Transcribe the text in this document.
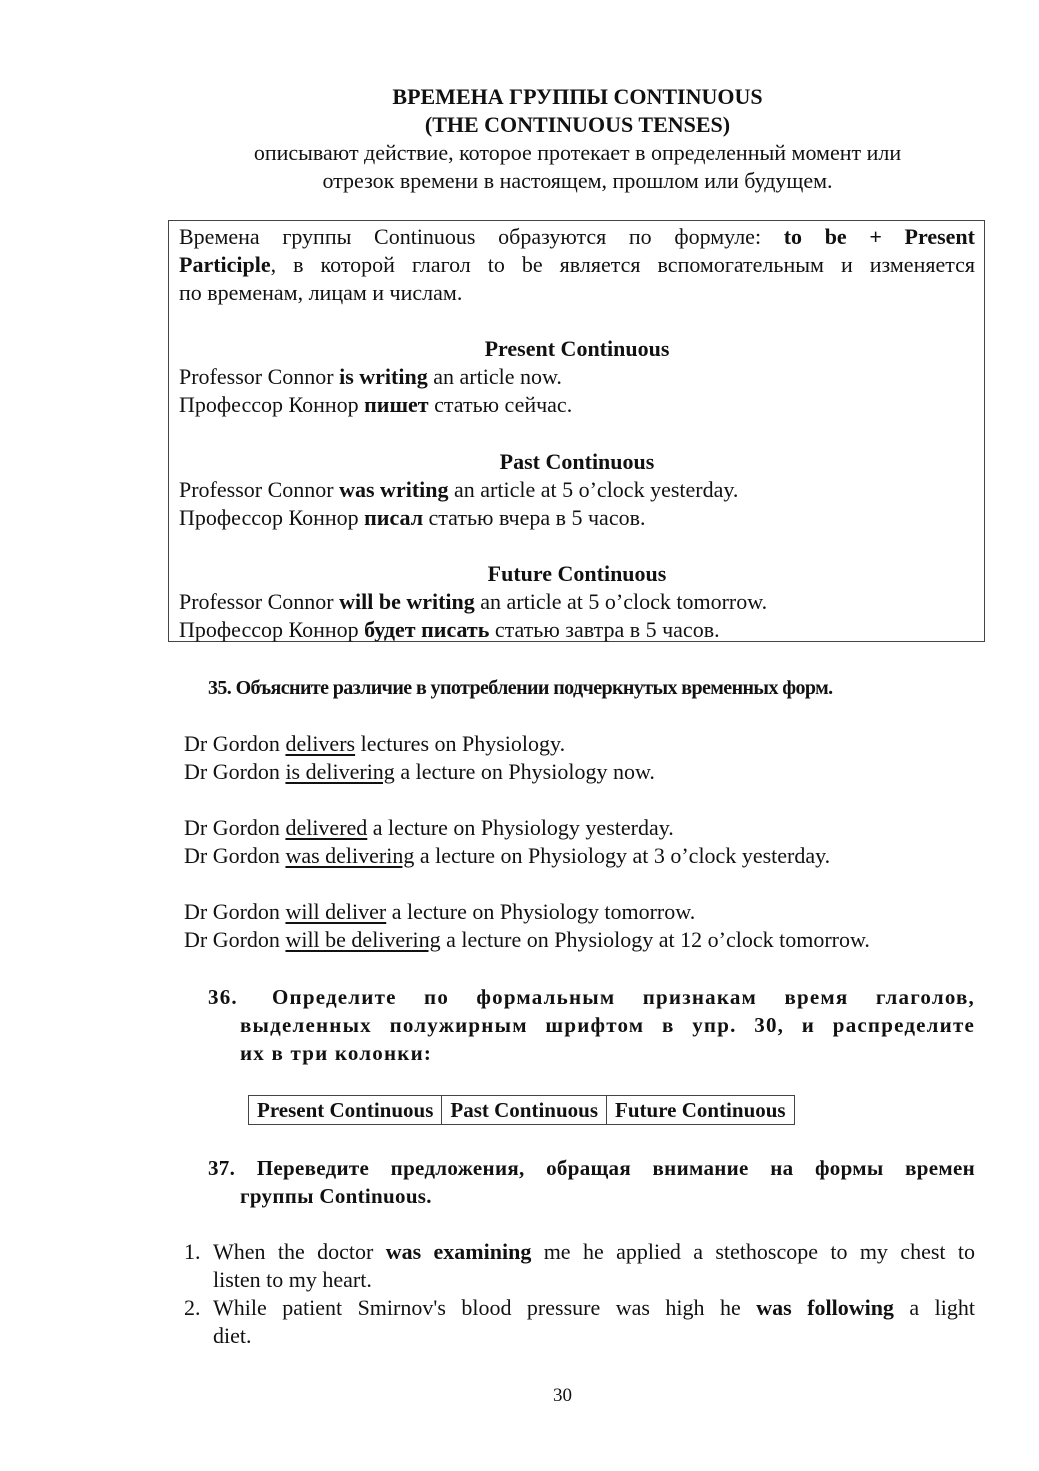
ВРЕМЕНА ГРУППЫ CONTINUOUS
(THE CONTINUOUS TENSES)
описывают действие, которое протекает в определенный момент или
отрезок времени в настоящем, прошлом или будущем.
Времена группы Continuous образуются по формуле: to be + Present
Participle, в которой глагол to be является вспомогательным и изменяется
по временам, лицам и числам.
Present Continuous
Professor Connor is writing an article now.
Профессор Коннор пишет статью сейчас.
Past Continuous
Professor Connor was writing an article at 5 o’clock yesterday.
Профессор Коннор писал статью вчера в 5 часов.
Future Continuous
Professor Connor will be writing an article at 5 o’clock tomorrow.
Профессор Коннор будет писать статью завтра в 5 часов.
35. Объясните различие в употреблении подчеркнутых временных форм.
Dr Gordon delivers lectures on Physiology.
Dr Gordon is delivering a lecture on Physiology now.
Dr Gordon delivered a lecture on Physiology yesterday.
Dr Gordon was delivering a lecture on Physiology at 3 o’clock yesterday.
Dr Gordon will deliver a lecture on Physiology tomorrow.
Dr Gordon will be delivering a lecture on Physiology at 12 o’clock tomorrow.
36. Определите по формальным признакам время глаголов,
выделенных полужирным шрифтом в упр. 30, и распределите
их в три колонки:
Present Continuous	Past Continuous	Future Continuous
37. Переведите предложения, обращая внимание на формы времен
группы Continuous.
1. When the doctor was examining me he applied a stethoscope to my chest to
listen to my heart.
2. While patient Smirnov's blood pressure was high he was following a light
diet.
30
